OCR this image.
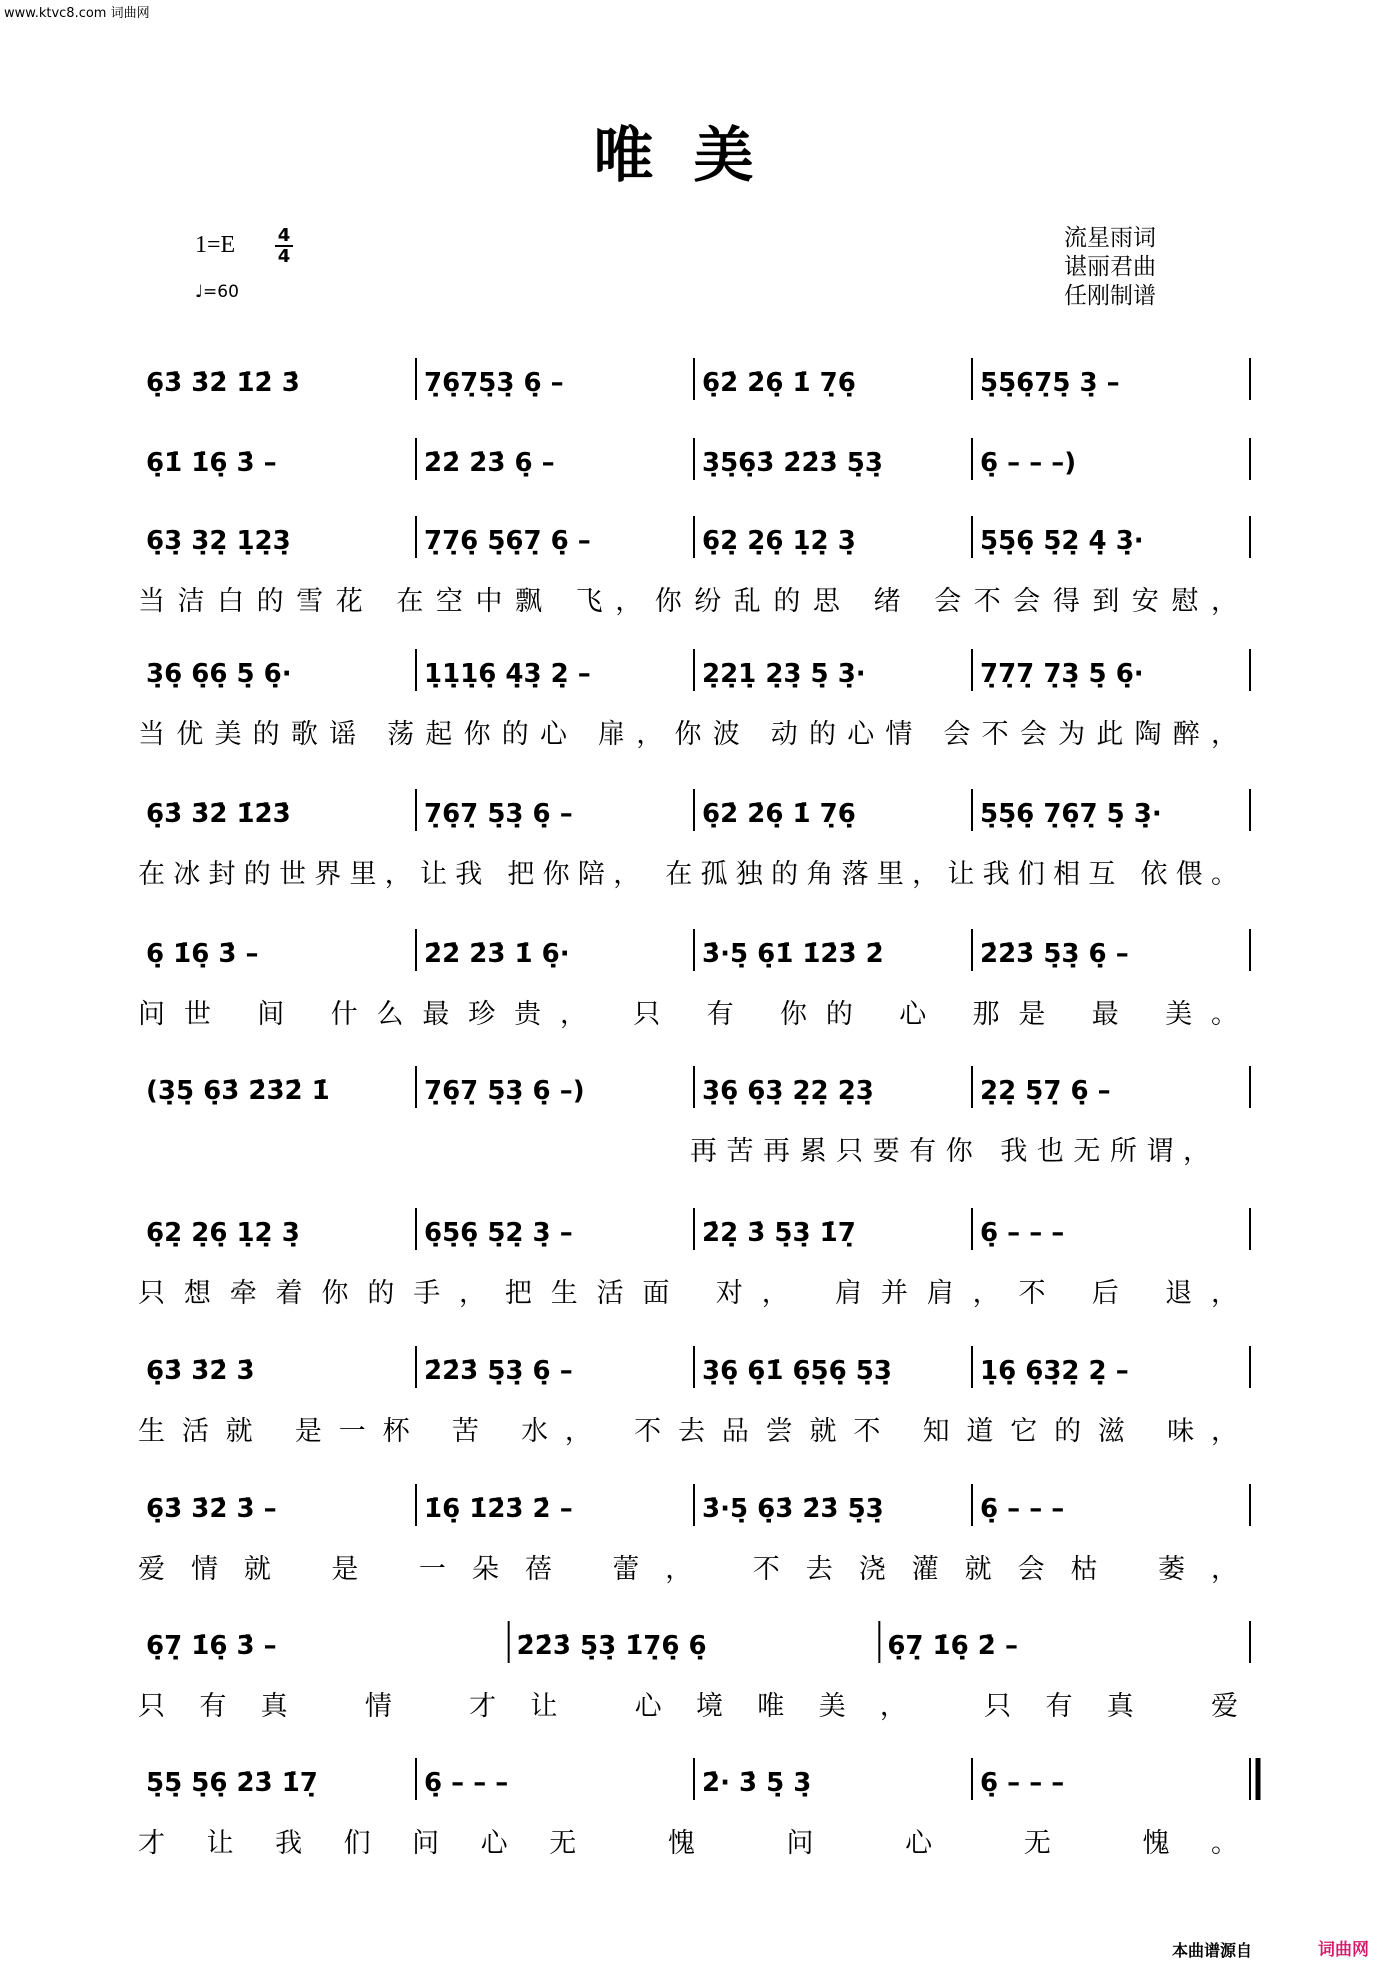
www.ktvc8.com 词曲网
唯美
1=E 4
4
♩=60
流星雨词
谌丽君曲
任刚制谱
6̣3̇ 3̇2̇ 1̇2̇ 3̇	7̣6̣7̣5̣3̣ 6̣ –	6̣2̇ 2̇6̣ 1̇ 7̣6̣	5̣5̣6̣7̣5̣ 3̣ –
6̣1̇ 1̇6̣ 3̇ –	2̇2̇ 2̇3̇ 6̣ –	3̣5̣6̣3̇ 2̇2̇3̇ 5̣3̣	6̣ – – –)
6̣3̣ 3̣2̣ 1̣2̣3̣	7̣7̣6̣ 5̣6̣7̣ 6̣ –	6̣2̣ 2̣6̣ 1̣2̣ 3̣	5̣5̣6̣ 5̣2̣ 4̣ 3̣·
当洁白的雪花 在空中飘 飞，你纷乱的思 绪 会不会得到安慰，
3̣6̣ 6̣6̣ 5̣ 6̣·	1̣1̣1̣6̣ 4̣3̣ 2̣ –	2̣2̣1̣ 2̣3̣ 5̣ 3̣·	7̣7̣7̣ 7̣3̣ 5̣ 6̣·
当优美的歌谣 荡起你的心 扉，你波 动的心情 会不会为此陶醉，
6̣3̇ 3̇2̇ 1̇2̇3̇	7̣6̣7̣ 5̣3̣ 6̣ –	6̣2̇ 2̇6̣ 1̇ 7̣6̣	5̣5̣6̣ 7̣6̣7̣ 5̣ 3̣·
在冰封的世界里，让我 把你陪， 在孤独的角落里，让我们相互 依偎。
6̣ 1̇6̣ 3̇ –	2̇2̇ 2̇3̇ 1̇ 6̣·	3̇·5̣ 6̣1̇ 1̇2̇3̇ 2̇	2̇2̇3̇ 5̣3̣ 6̣ –
问世 间 什么最珍贵， 只 有 你的 心 那是 最 美。
(3̣5̣ 6̣3̇ 2̇3̇2̇ 1̇	7̣6̣7̣ 5̣3̣ 6̣ –)	3̣6̣ 6̣3̣ 2̣2̣ 2̣3̣	2̣2̣ 5̣7̣ 6̣ –
再苦再累只要有你 我也无所谓，
6̣2̣ 2̣6̣ 1̣2̣ 3̣	6̣5̣6̣ 5̣2̣ 3̣ –	2̇2̣ 3̇ 5̣3̣ 1̇7̣	6̣ – – –
只想牵着你的手，把生活面 对， 肩并肩，不 后 退，
6̣3̇ 3̇2̇ 3̇	2̇2̇3̇ 5̣3̣ 6̣ –	3̣6̣ 6̣1̇ 6̣5̣6̣ 5̣3̣	1̣6̣ 6̣3̣2̣ 2̣ –
生活就 是一杯 苦 水， 不去品尝就不 知道它的滋 味，
6̣3̇ 3̇2̇ 3̇ –	1̇6̣ 1̇2̇3̇ 2̇ –	3̇·5̣ 6̣3̇ 2̇3̇ 5̣3̣	6̣ – – –
爱情就 是 一朵蓓 蕾， 不去浇灌就会枯 萎，
6̣7̣ 1̇6̣ 3̇ –	2̇2̇3̇ 5̣3̣ 1̇7̣6̣ 6̣	6̣7̣ 1̇6̣ 2̇ –
只有真 情 才让 心境唯美， 只有真 爱
5̣5̣ 5̣6̣ 2̇3̇ 1̇7̣	6̣ – – –	2̇· 3̇ 5̣ 3̣	6̣ – – –
才让我们问心无 愧 问 心 无 愧。
本曲谱源自	词曲网
